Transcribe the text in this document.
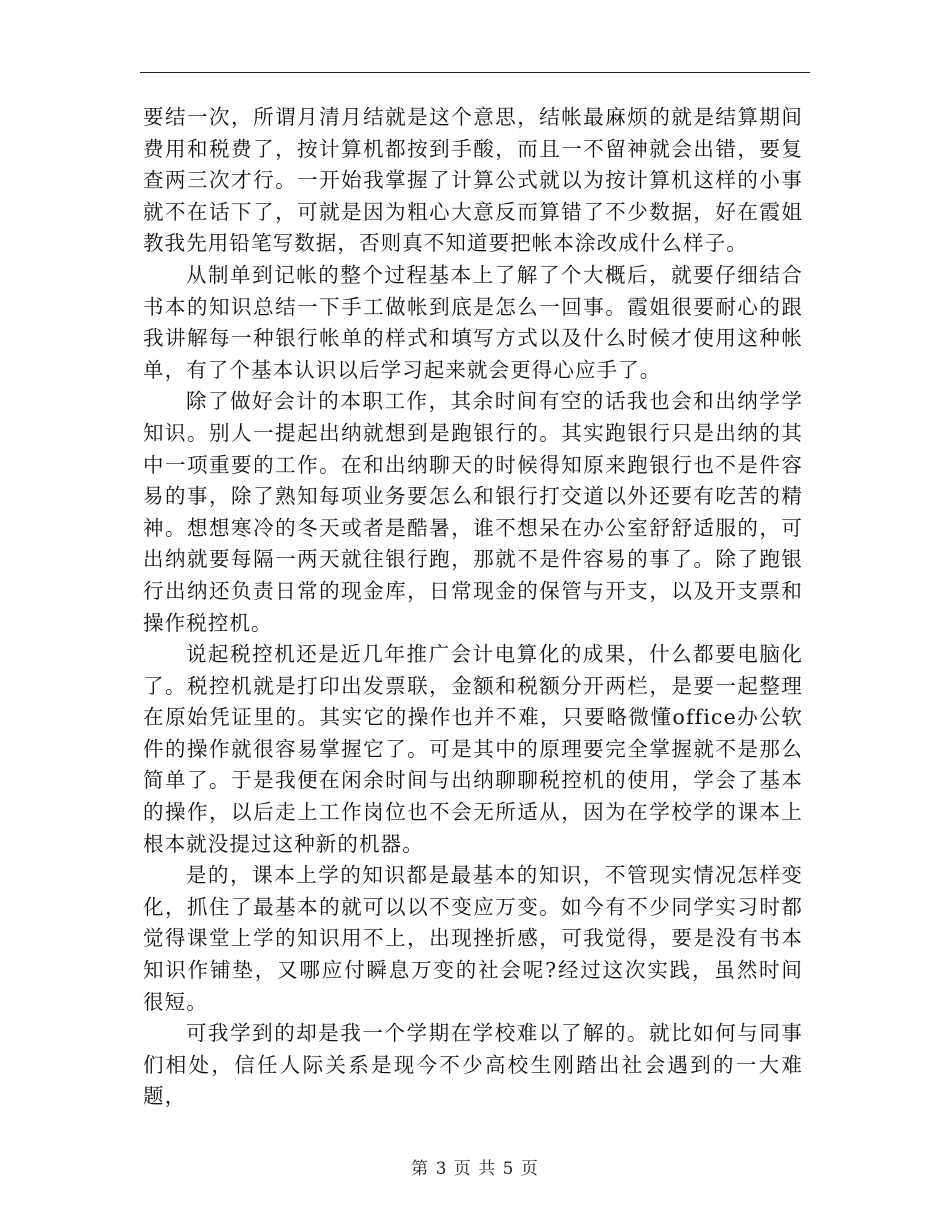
要结一次，所谓月清月结就是这个意思，结帐最麻烦的就是结算期间费用和税费了，按计算机都按到手酸，而且一不留神就会出错，要复查两三次才行。一开始我掌握了计算公式就以为按计算机这样的小事就不在话下了，可就是因为粗心大意反而算错了不少数据，好在霞姐教我先用铅笔写数据，否则真不知道要把帐本涂改成什么样子。

从制单到记帐的整个过程基本上了解了个大概后，就要仔细结合书本的知识总结一下手工做帐到底是怎么一回事。霞姐很要耐心的跟我讲解每一种银行帐单的样式和填写方式以及什么时候才使用这种帐单，有了个基本认识以后学习起来就会更得心应手了。

除了做好会计的本职工作，其余时间有空的话我也会和出纳学学知识。别人一提起出纳就想到是跑银行的。其实跑银行只是出纳的其中一项重要的工作。在和出纳聊天的时候得知原来跑银行也不是件容易的事，除了熟知每项业务要怎么和银行打交道以外还要有吃苦的精神。想想寒冷的冬天或者是酷暑，谁不想呆在办公室舒舒适服的，可出纳就要每隔一两天就往银行跑，那就不是件容易的事了。除了跑银行出纳还负责日常的现金库，日常现金的保管与开支，以及开支票和操作税控机。

说起税控机还是近几年推广会计电算化的成果，什么都要电脑化了。税控机就是打印出发票联，金额和税额分开两栏，是要一起整理在原始凭证里的。其实它的操作也并不难，只要略微懂office办公软件的操作就很容易掌握它了。可是其中的原理要完全掌握就不是那么简单了。于是我便在闲余时间与出纳聊聊税控机的使用，学会了基本的操作，以后走上工作岗位也不会无所适从，因为在学校学的课本上根本就没提过这种新的机器。

是的，课本上学的知识都是最基本的知识，不管现实情况怎样变化，抓住了最基本的就可以以不变应万变。如今有不少同学实习时都觉得课堂上学的知识用不上，出现挫折感，可我觉得，要是没有书本知识作铺垫，又哪应付瞬息万变的社会呢?经过这次实践，虽然时间很短。

可我学到的却是我一个学期在学校难以了解的。就比如何与同事们相处，信任人际关系是现今不少高校生刚踏出社会遇到的一大难题，

第 3 页 共 5 页
